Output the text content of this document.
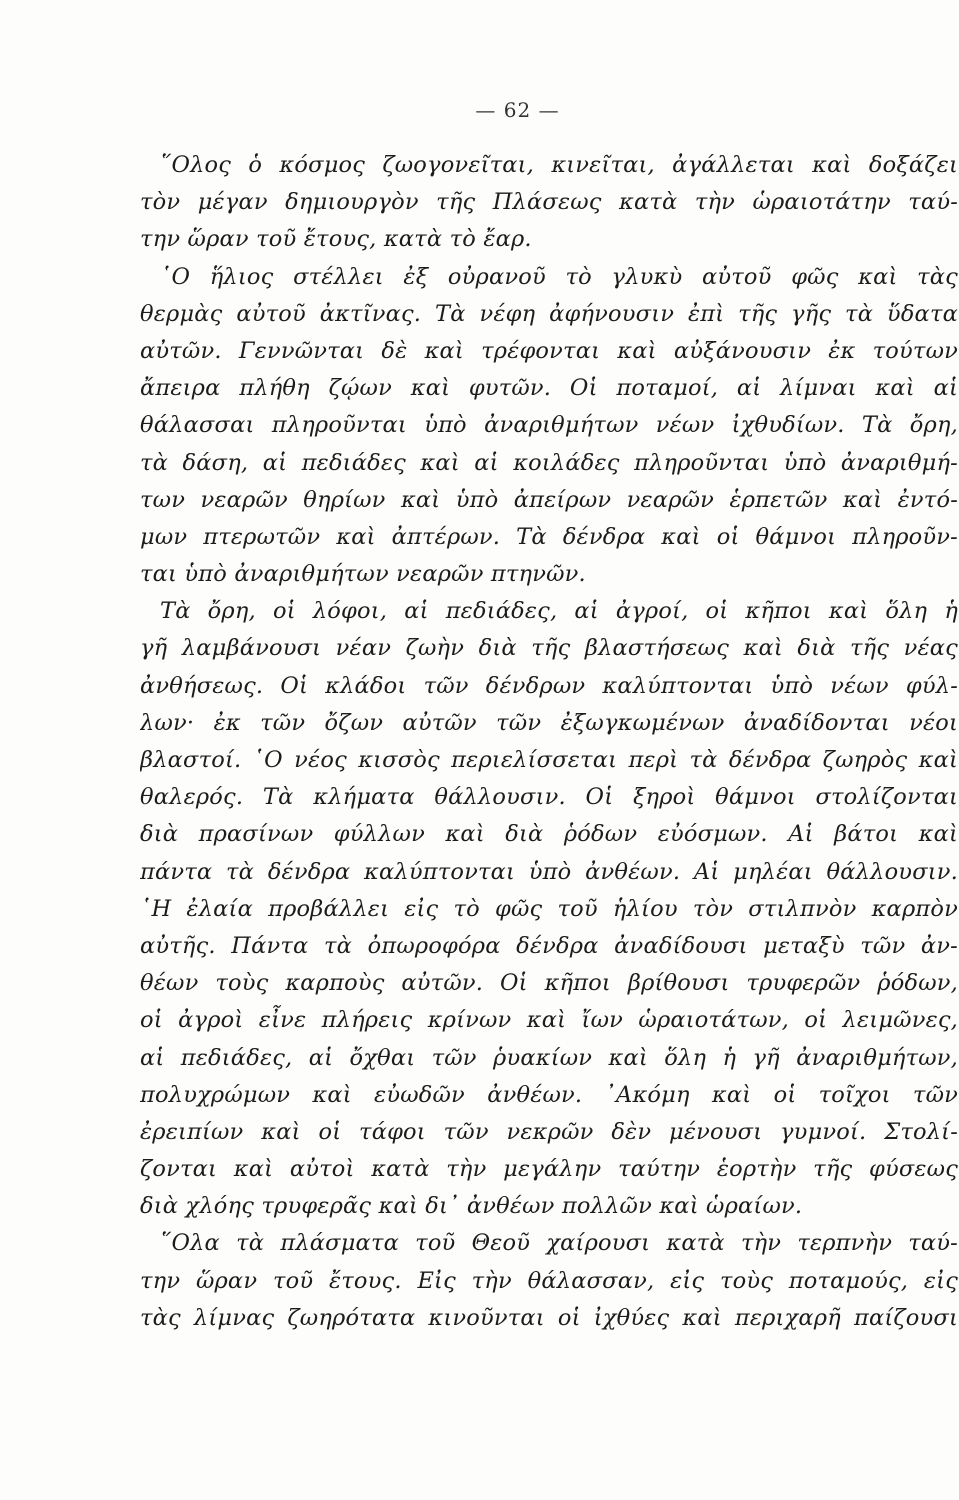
— 62 —
῞Ολος ὁ κόσμος ζωογονεῖται, κινεῖται, ἀγάλλεται καὶ δοξάζει
τὸν μέγαν δημιουργὸν τῆς Πλάσεως κατὰ τὴν ὡραιοτάτην ταύ-
την ὥραν τοῦ ἔτους, κατὰ τὸ ἔαρ.
῾Ο ἥλιος στέλλει ἐξ οὐρανοῦ τὸ γλυκὺ αὐτοῦ φῶς καὶ τὰς
θερμὰς αὐτοῦ ἀκτῖνας. Τὰ νέφη ἀφήνουσιν ἐπὶ τῆς γῆς τὰ ὕδατα
αὐτῶν. Γεννῶνται δὲ καὶ τρέφονται καὶ αὐξάνουσιν ἐκ τούτων
ἄπειρα πλήθη ζῴων καὶ φυτῶν. Οἱ ποταμοί, αἱ λίμναι καὶ αἱ
θάλασσαι πληροῦνται ὑπὸ ἀναριθμήτων νέων ἰχθυδίων. Τὰ ὄρη,
τὰ δάση, αἱ πεδιάδες καὶ αἱ κοιλάδες πληροῦνται ὑπὸ ἀναριθμή-
των νεαρῶν θηρίων καὶ ὑπὸ ἀπείρων νεαρῶν ἑρπετῶν καὶ ἐντό-
μων πτερωτῶν καὶ ἀπτέρων. Τὰ δένδρα καὶ οἱ θάμνοι πληροῦν-
ται ὑπὸ ἀναριθμήτων νεαρῶν πτηνῶν.
Τὰ ὄρη, οἱ λόφοι, αἱ πεδιάδες, αἱ ἀγροί, οἱ κῆποι καὶ ὅλη ἡ
γῆ λαμβάνουσι νέαν ζωὴν διὰ τῆς βλαστήσεως καὶ διὰ τῆς νέας
ἀνθήσεως. Οἱ κλάδοι τῶν δένδρων καλύπτονται ὑπὸ νέων φύλ-
λων· ἐκ τῶν ὄζων αὐτῶν τῶν ἐξωγκωμένων ἀναδίδονται νέοι
βλαστοί. ῾Ο νέος κισσὸς περιελίσσεται περὶ τὰ δένδρα ζωηρὸς καὶ
θαλερός. Τὰ κλήματα θάλλουσιν. Οἱ ξηροὶ θάμνοι στολίζονται
διὰ πρασίνων φύλλων καὶ διὰ ῥόδων εὐόσμων. Αἱ βάτοι καὶ
πάντα τὰ δένδρα καλύπτονται ὑπὸ ἀνθέων. Αἱ μηλέαι θάλλουσιν.
῾Η ἐλαία προβάλλει εἰς τὸ φῶς τοῦ ἡλίου τὸν στιλπνὸν καρπὸν
αὐτῆς. Πάντα τὰ ὀπωροφόρα δένδρα ἀναδίδουσι μεταξὺ τῶν ἀν-
θέων τοὺς καρποὺς αὐτῶν. Οἱ κῆποι βρίθουσι τρυφερῶν ῥόδων,
οἱ ἀγροὶ εἶνε πλήρεις κρίνων καὶ ἴων ὡραιοτάτων, οἱ λειμῶνες,
αἱ πεδιάδες, αἱ ὄχθαι τῶν ῥυακίων καὶ ὅλη ἡ γῆ ἀναριθμήτων,
πολυχρώμων καὶ εὐωδῶν ἀνθέων. ᾿Ακόμη καὶ οἱ τοῖχοι τῶν
ἐρειπίων καὶ οἱ τάφοι τῶν νεκρῶν δὲν μένουσι γυμνοί. Στολί-
ζονται καὶ αὐτοὶ κατὰ τὴν μεγάλην ταύτην ἑορτὴν τῆς φύσεως
διὰ χλόης τρυφερᾶς καὶ δι᾿ ἀνθέων πολλῶν καὶ ὡραίων.
῞Ολα τὰ πλάσματα τοῦ Θεοῦ χαίρουσι κατὰ τὴν τερπνὴν ταύ-
την ὥραν τοῦ ἔτους. Εἰς τὴν θάλασσαν, εἰς τοὺς ποταμούς, εἰς
τὰς λίμνας ζωηρότατα κινοῦνται οἱ ἰχθύες καὶ περιχαρῆ παίζουσι
